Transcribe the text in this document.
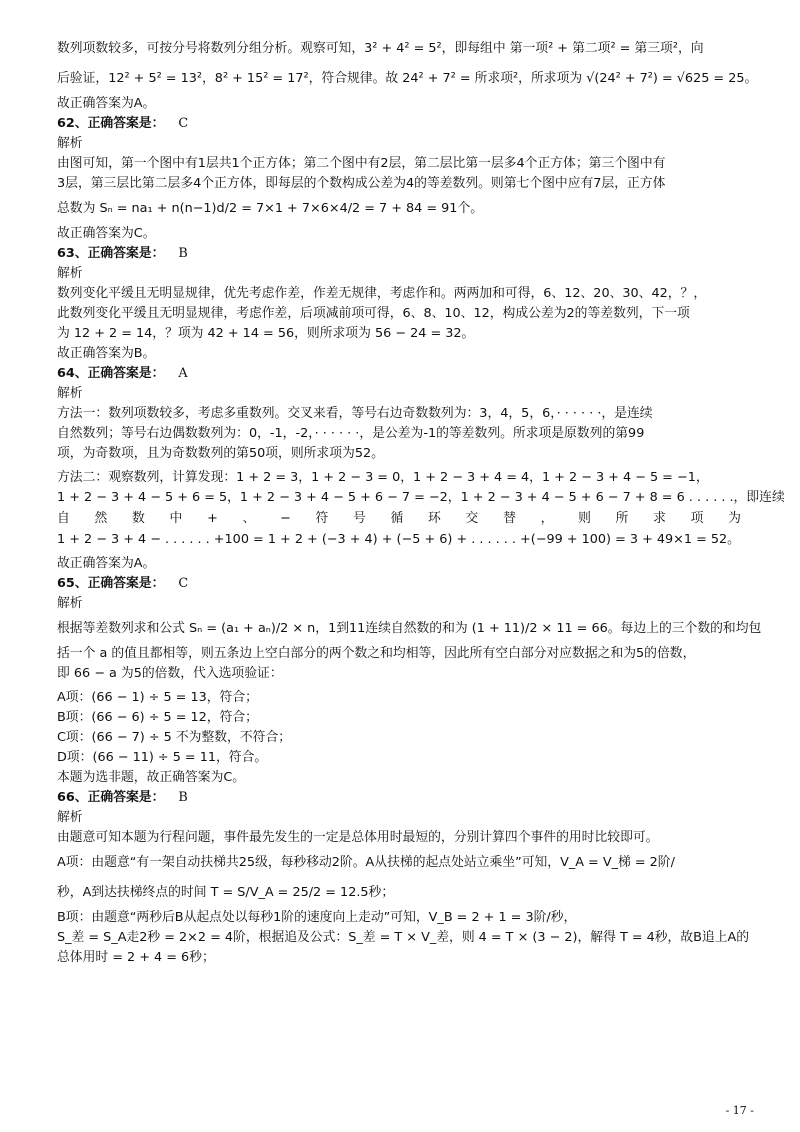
数列项数较多，可按分号将数列分组分析。观察可知，3² + 4² = 5²，即每组中 第一项² + 第二项² = 第三项²，向
后验证，12² + 5² = 13²，8² + 15² = 17²，符合规律。故 24² + 7² = 所求项²，所求项为 √(24² + 7²) = √625 = 25。
故正确答案为A。
62、正确答案是： C
解析
由图可知，第一个图中有1层共1个正方体；第二个图中有2层，第二层比第一层多4个正方体；第三个图中有
3层，第三层比第二层多4个正方体，即每层的个数构成公差为4的等差数列。则第七个图中应有7层，正方体
总数为 Sₙ = na₁ + n(n−1)d/2 = 7×1 + 7×6×4/2 = 7 + 84 = 91个。
故正确答案为C。
63、正确答案是： B
解析
数列变化平缓且无明显规律，优先考虑作差，作差无规律，考虑作和。两两加和可得，6、12、20、30、42，？，
此数列变化平缓且无明显规律，考虑作差，后项减前项可得，6、8、10、12，构成公差为2的等差数列，下一项
为 12 + 2 = 14，？项为 42 + 14 = 56，则所求项为 56 − 24 = 32。
故正确答案为B。
64、正确答案是： A
解析
方法一：数列项数较多，考虑多重数列。交叉来看，等号右边奇数数列为：3，4，5，6，· · · · · ·，是连续
自然数列；等号右边偶数数列为：0，-1，-2，· · · · · ·，是公差为-1的等差数列。所求项是原数列的第99
项，为奇数项，且为奇数数列的第50项，则所求项为52。
方法二：观察数列，计算发现：1 + 2 = 3，1 + 2 − 3 = 0，1 + 2 − 3 + 4 = 4，1 + 2 − 3 + 4 − 5 = −1，
1 + 2 − 3 + 4 − 5 + 6 = 5，1 + 2 − 3 + 4 − 5 + 6 − 7 = −2，1 + 2 − 3 + 4 − 5 + 6 − 7 + 8 = 6 . . . . . .，即连续
自 然 数 中 + 、 − 符 号 循 环 交 替 ， 则 所 求 项 为
1 + 2 − 3 + 4 − . . . . . . +100 = 1 + 2 + (−3 + 4) + (−5 + 6) + . . . . . . +(−99 + 100) = 3 + 49×1 = 52。
故正确答案为A。
65、正确答案是： C
解析
根据等差数列求和公式 Sₙ = (a₁ + aₙ)/2 × n，1到11连续自然数的和为 (1 + 11)/2 × 11 = 66。每边上的三个数的和均包
括一个 a 的值且都相等，则五条边上空白部分的两个数之和均相等，因此所有空白部分对应数据之和为5的倍数，
即 66 − a 为5的倍数，代入选项验证：
A项：(66 − 1) ÷ 5 = 13，符合；
B项：(66 − 6) ÷ 5 = 12，符合；
C项：(66 − 7) ÷ 5 不为整数，不符合；
D项：(66 − 11) ÷ 5 = 11，符合。
本题为选非题，故正确答案为C。
66、正确答案是： B
解析
由题意可知本题为行程问题，事件最先发生的一定是总体用时最短的，分别计算四个事件的用时比较即可。
A项：由题意“有一架自动扶梯共25级，每秒移动2阶。A从扶梯的起点处站立乘坐”可知，V_A = V_梯 = 2阶/
秒，A到达扶梯终点的时间 T = S/V_A = 25/2 = 12.5秒；
B项：由题意“两秒后B从起点处以每秒1阶的速度向上走动”可知，V_B = 2 + 1 = 3阶/秒，
S_差 = S_A走2秒 = 2×2 = 4阶，根据追及公式：S_差 = T × V_差，则 4 = T × (3 − 2)，解得 T = 4秒，故B追上A的
总体用时 = 2 + 4 = 6秒；
- 17 -
